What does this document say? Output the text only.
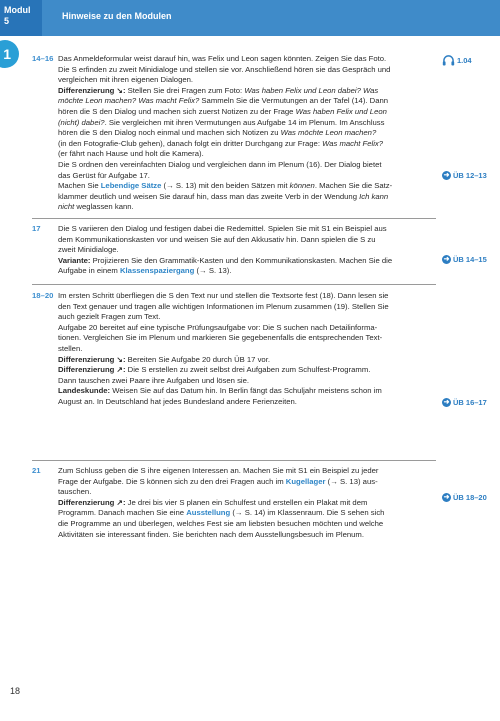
Modul
5	Hinweise zu den Modulen
1	14–16 Das Anmeldeformular weist darauf hin, was Felix und Leon sagen könnten. Zeigen Sie das Foto.
Die S erfinden zu zweit Minidialoge und stellen sie vor. Anschließend hören sie das Gespräch und
vergleichen mit ihren eigenen Dialogen.
Differenzierung ↘: Stellen Sie drei Fragen zum Foto: Was haben Felix und Leon dabei? Was
möchte Leon machen? Was macht Felix? Sammeln Sie die Vermutungen an der Tafel (14). Dann
hören die S den Dialog und machen sich zuerst Notizen zu der Frage Was haben Felix und Leon
(nicht) dabei?. Sie vergleichen mit ihren Vermutungen aus Aufgabe 14 im Plenum. Im Anschluss
hören die S den Dialog noch einmal und machen sich Notizen zu Was möchte Leon machen?
(in den Fotografie-Club gehen), danach folgt ein dritter Durchgang zur Frage: Was macht Felix?
(er fährt nach Hause und holt die Kamera).
Die S ordnen den vereinfachten Dialog und vergleichen dann im Plenum (16). Der Dialog bietet
das Gerüst für Aufgabe 17.
Machen Sie Lebendige Sätze (→ S. 13) mit den beiden Sätzen mit können. Machen Sie die Satz-
klammer deutlich und weisen Sie darauf hin, dass man das zweite Verb in der Wendung Ich kann
nicht weglassen kann.

17 Die S variieren den Dialog und festigen dabei die Redemittel. Spielen Sie mit S1 ein Beispiel aus
dem Kommunikationskasten vor und weisen Sie auf den Akkusativ hin. Dann spielen die S zu
zweit Minidialoge.
Variante: Projizieren Sie den Grammatik-Kasten und den Kommunikationskasten. Machen Sie die
Aufgabe in einem Klassenspaziergang (→ S. 13).

18–20 Im ersten Schritt überfliegen die S den Text nur und stellen die Textsorte fest (18). Dann lesen sie
den Text genauer und tragen alle wichtigen Informationen im Plenum zusammen (19). Stellen Sie
auch gezielt Fragen zum Text.
Aufgabe 20 bereitet auf eine typische Prüfungsaufgabe vor: Die S suchen nach Detailinforma-
tionen. Vergleichen Sie im Plenum und markieren Sie gegebenenfalls die entsprechenden Text-
stellen.
Differenzierung ↘: Bereiten Sie Aufgabe 20 durch ÜB 17 vor.
Differenzierung ↗: Die S erstellen zu zweit selbst drei Aufgaben zum Schulfest-Programm.
Dann tauschen zwei Paare ihre Aufgaben und lösen sie.
Landeskunde: Weisen Sie auf das Datum hin. In Berlin fängt das Schuljahr meistens schon im
August an. In Deutschland hat jedes Bundesland andere Ferienzeiten.

21 Zum Schluss geben die S ihre eigenen Interessen an. Machen Sie mit S1 ein Beispiel zu jeder
Frage der Aufgabe. Die S können sich zu den drei Fragen auch im Kugellager (→ S. 13) aus-
tauschen.
Differenzierung ↗: Je drei bis vier S planen ein Schulfest und erstellen ein Plakat mit dem
Programm. Danach machen Sie eine Ausstellung (→ S. 14) im Klassenraum. Die S sehen sich
die Programme an und überlegen, welches Fest sie am liebsten besuchen möchten und welche
Aktivitäten sie interessant finden. Sie berichten nach dem Ausstellungsbesuch im Plenum.

1.04
➜ ÜB 12–13
➜ ÜB 14–15
➜ ÜB 16–17
➜ ÜB 18–20
18
